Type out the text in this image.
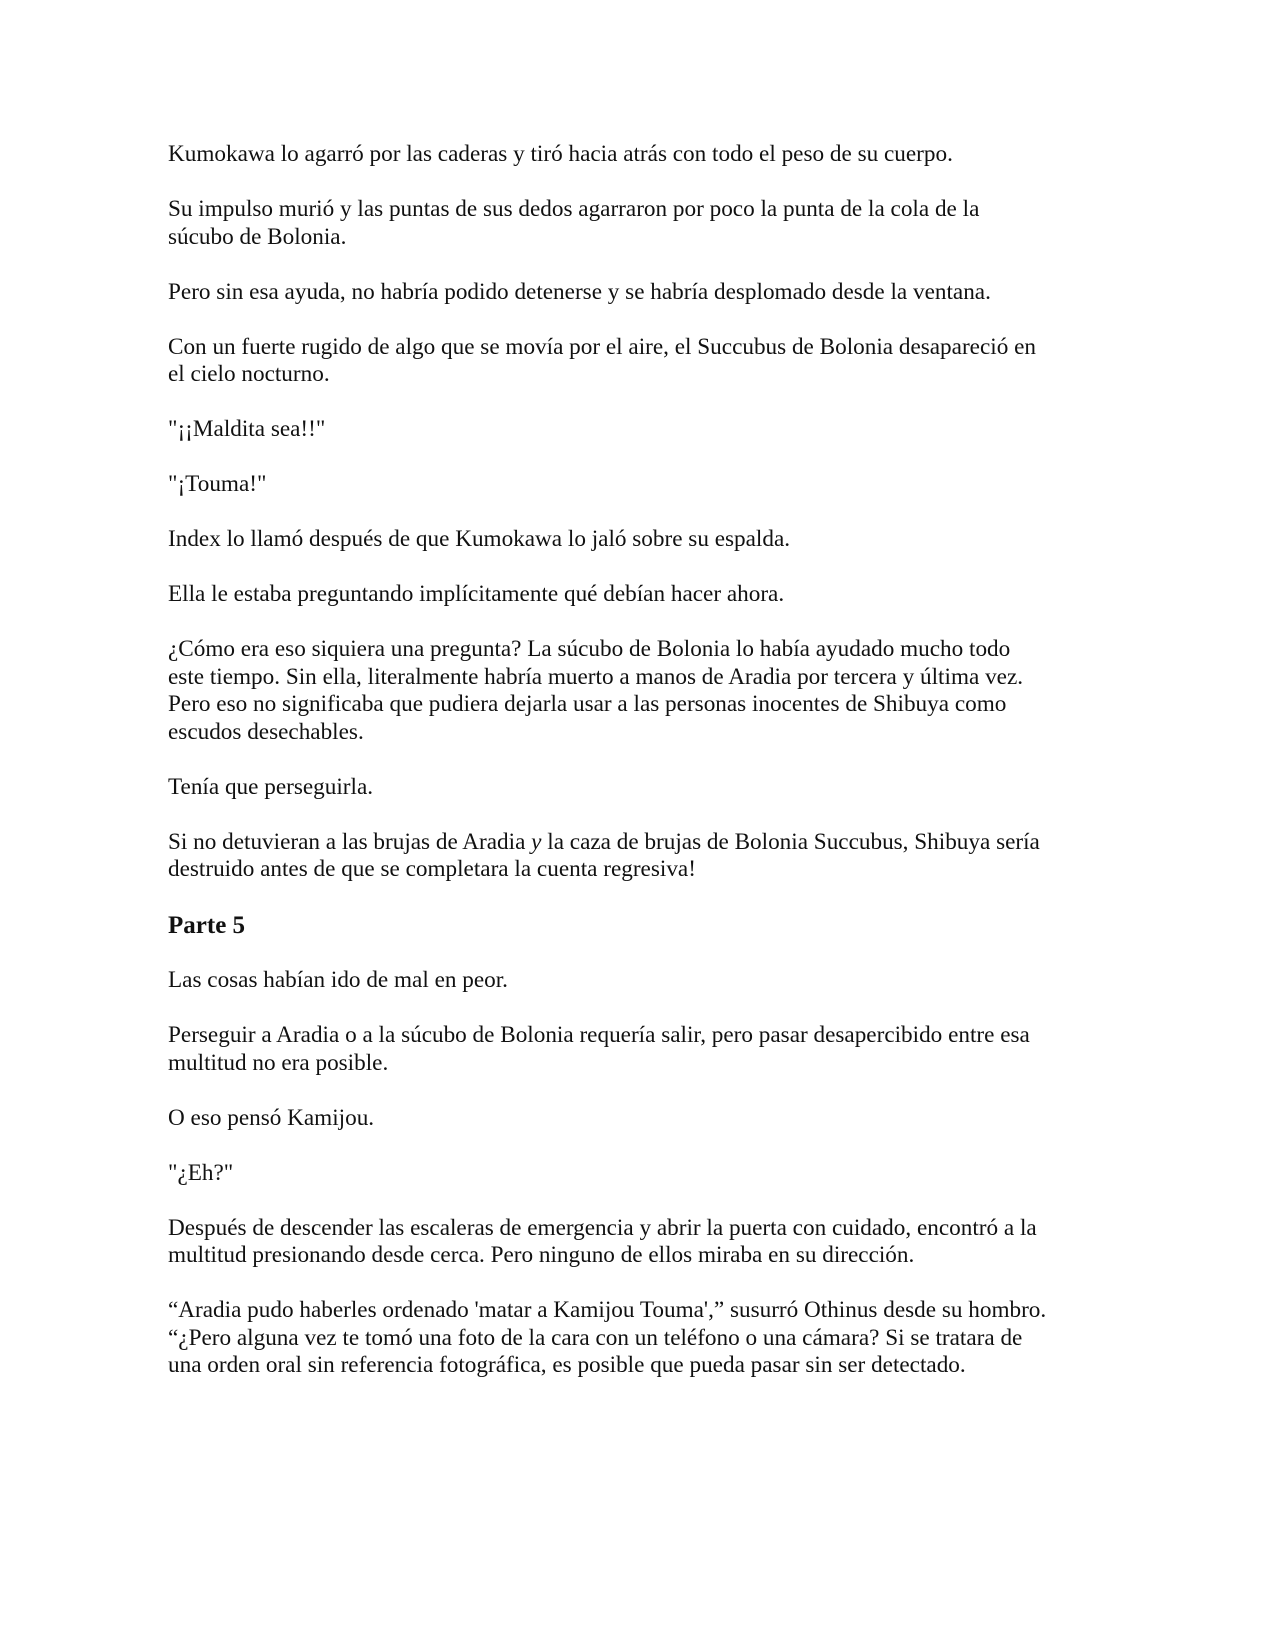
Kumokawa lo agarró por las caderas y tiró hacia atrás con todo el peso de su cuerpo.

Su impulso murió y las puntas de sus dedos agarraron por poco la punta de la cola de la súcubo de Bolonia.

Pero sin esa ayuda, no habría podido detenerse y se habría desplomado desde la ventana.

Con un fuerte rugido de algo que se movía por el aire, el Succubus de Bolonia desapareció en el cielo nocturno.

"¡¡Maldita sea!!"

"¡Touma!"

Index lo llamó después de que Kumokawa lo jaló sobre su espalda.

Ella le estaba preguntando implícitamente qué debían hacer ahora.

¿Cómo era eso siquiera una pregunta? La súcubo de Bolonia lo había ayudado mucho todo este tiempo. Sin ella, literalmente habría muerto a manos de Aradia por tercera y última vez. Pero eso no significaba que pudiera dejarla usar a las personas inocentes de Shibuya como escudos desechables.

Tenía que perseguirla.

Si no detuvieran a las brujas de Aradia y la caza de brujas de Bolonia Succubus, Shibuya sería destruido antes de que se completara la cuenta regresiva!

Parte 5

Las cosas habían ido de mal en peor.

Perseguir a Aradia o a la súcubo de Bolonia requería salir, pero pasar desapercibido entre esa multitud no era posible.

O eso pensó Kamijou.

"¿Eh?"

Después de descender las escaleras de emergencia y abrir la puerta con cuidado, encontró a la multitud presionando desde cerca. Pero ninguno de ellos miraba en su dirección.

“Aradia pudo haberles ordenado 'matar a Kamijou Touma',” susurró Othinus desde su hombro. “¿Pero alguna vez te tomó una foto de la cara con un teléfono o una cámara? Si se tratara de una orden oral sin referencia fotográfica, es posible que pueda pasar sin ser detectado.
